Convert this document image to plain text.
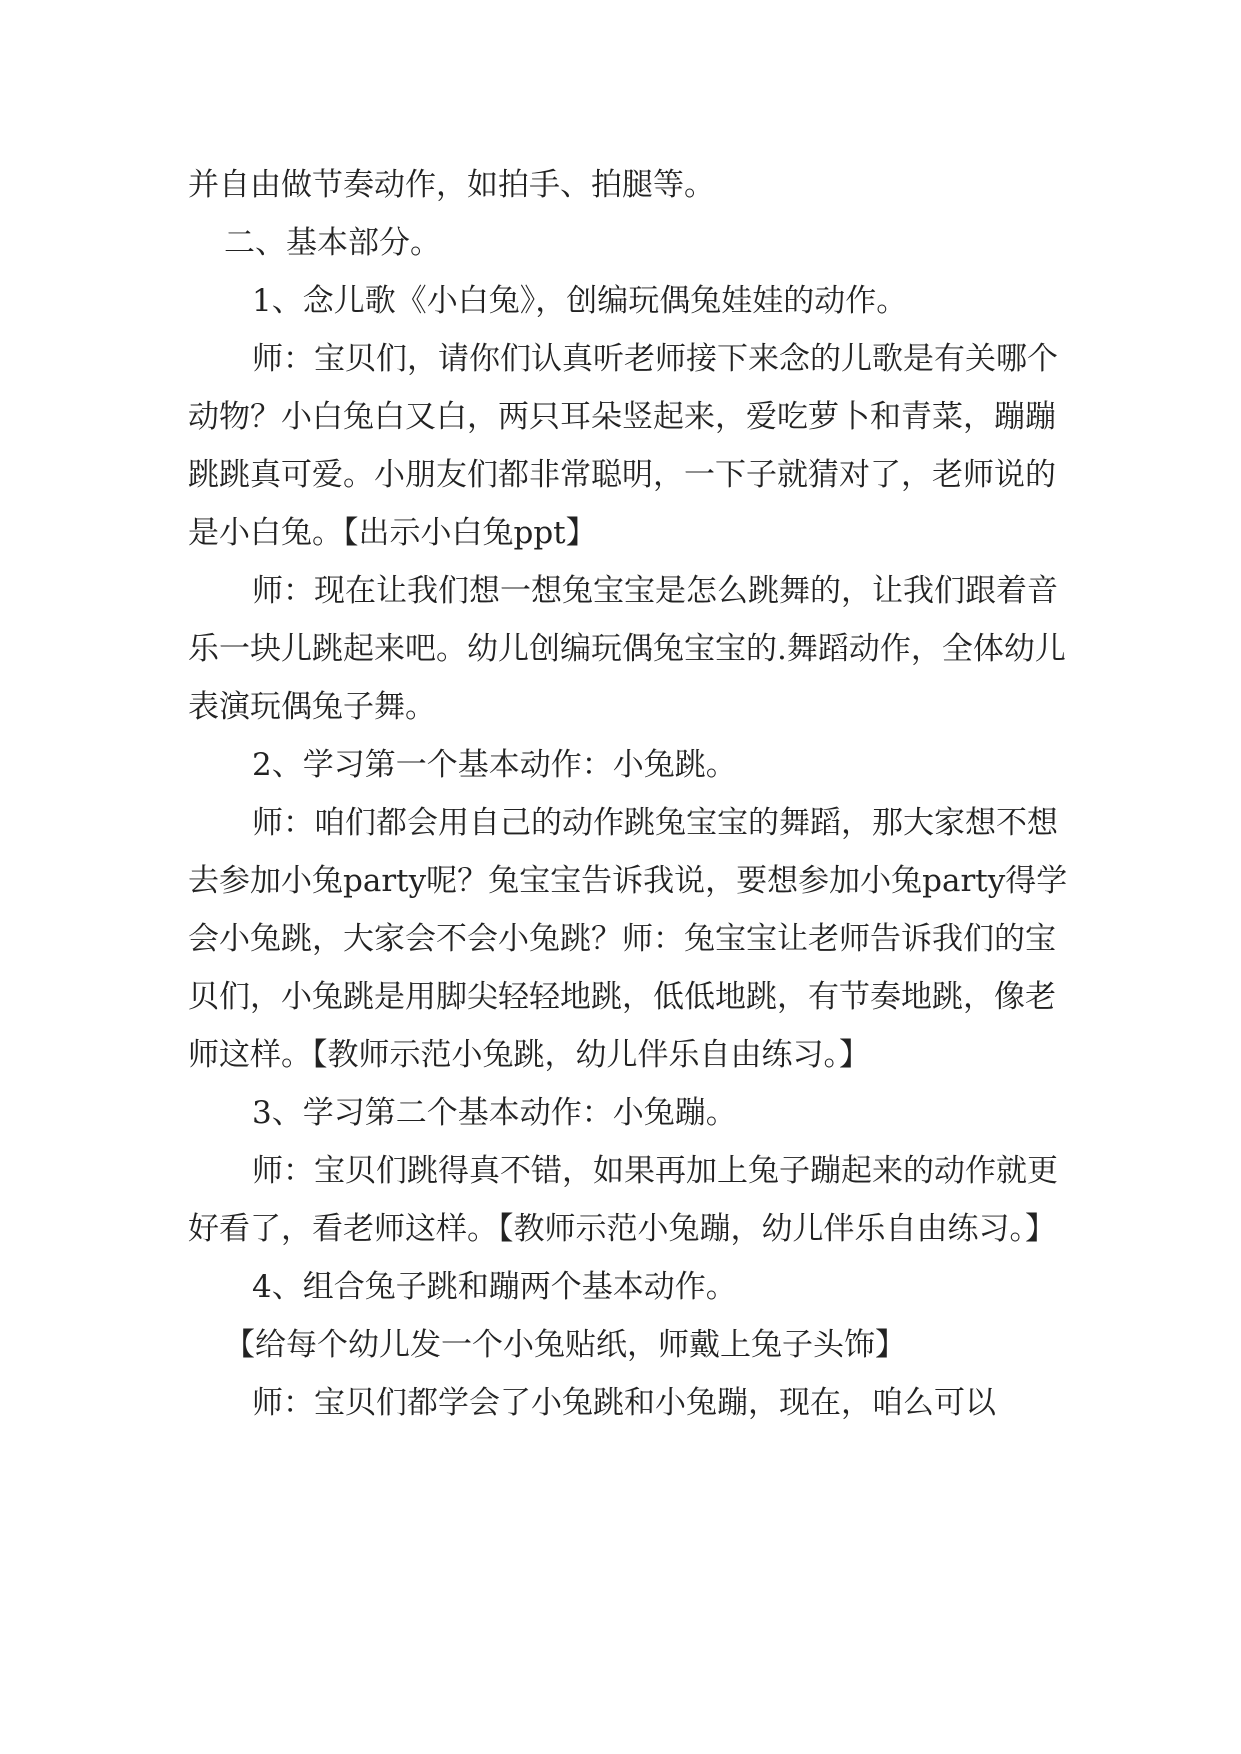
并自由做节奏动作，如拍手、拍腿等。

二、基本部分。

1、念儿歌《小白兔》，创编玩偶兔娃娃的动作。

师：宝贝们，请你们认真听老师接下来念的儿歌是有关哪个动物？小白兔白又白，两只耳朵竖起来，爱吃萝卜和青菜，蹦蹦跳跳真可爱。小朋友们都非常聪明，一下子就猜对了，老师说的是小白兔。【出示小白兔ppt】

师：现在让我们想一想兔宝宝是怎么跳舞的，让我们跟着音乐一块儿跳起来吧。幼儿创编玩偶兔宝宝的.舞蹈动作，全体幼儿表演玩偶兔子舞。

2、学习第一个基本动作：小兔跳。

师：咱们都会用自己的动作跳兔宝宝的舞蹈，那大家想不想去参加小兔party呢？兔宝宝告诉我说，要想参加小兔party得学会小兔跳，大家会不会小兔跳？师：兔宝宝让老师告诉我们的宝贝们，小兔跳是用脚尖轻轻地跳，低低地跳，有节奏地跳，像老师这样。【教师示范小兔跳，幼儿伴乐自由练习。】

3、学习第二个基本动作：小兔蹦。

师：宝贝们跳得真不错，如果再加上兔子蹦起来的动作就更好看了，看老师这样。【教师示范小兔蹦，幼儿伴乐自由练习。】

4、组合兔子跳和蹦两个基本动作。

【给每个幼儿发一个小兔贴纸，师戴上兔子头饰】

师：宝贝们都学会了小兔跳和小兔蹦，现在，咱么可以
